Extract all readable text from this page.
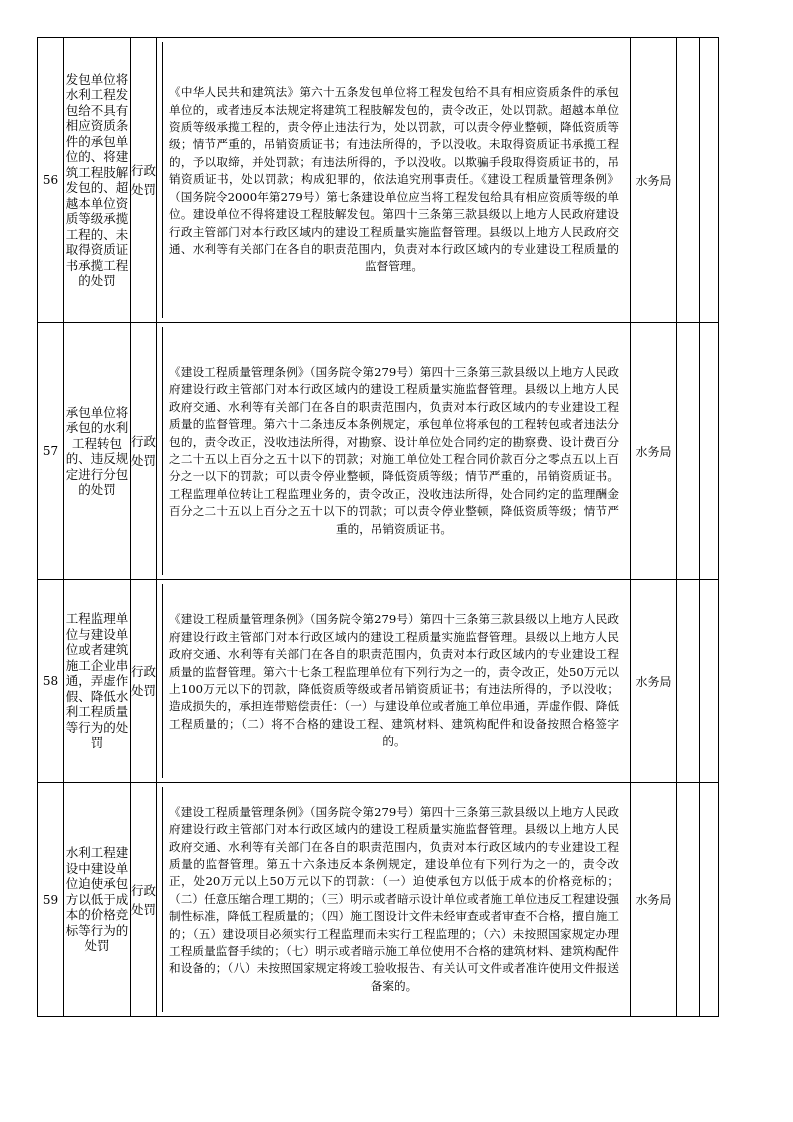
56	发包单位将水利工程发包给不具有相应资质条件的承包单位的、将建筑工程肢解发包的、超越本单位资质等级承揽工程的、未取得资质证书承揽工程的处罚	行政处罚	《中华人民共和建筑法》第六十五条发包单位将工程发包给不具有相应资质条件的承包单位的，或者违反本法规定将建筑工程肢解发包的，责令改正，处以罚款。超越本单位资质等级承揽工程的，责令停止违法行为，处以罚款，可以责令停业整顿，降低资质等级；情节严重的，吊销资质证书；有违法所得的，予以没收。未取得资质证书承揽工程的，予以取缔，并处罚款；有违法所得的，予以没收。以欺骗手段取得资质证书的，吊销资质证书，处以罚款；构成犯罪的，依法追究刑事责任。《建设工程质量管理条例》（国务院令2000年第279号）第七条建设单位应当将工程发包给具有相应资质等级的单位。建设单位不得将建设工程肢解发包。第四十三条第三款县级以上地方人民政府建设行政主管部门对本行政区域内的建设工程质量实施监督管理。县级以上地方人民政府交通、水利等有关部门在各自的职责范围内，负责对本行政区域内的专业建设工程质量的监督管理。	水务局		
57	承包单位将承包的水利工程转包的、违反规定进行分包的处罚	行政处罚	《建设工程质量管理条例》（国务院令第279号）第四十三条第三款县级以上地方人民政府建设行政主管部门对本行政区域内的建设工程质量实施监督管理。县级以上地方人民政府交通、水利等有关部门在各自的职责范围内，负责对本行政区域内的专业建设工程质量的监督管理。第六十二条违反本条例规定，承包单位将承包的工程转包或者违法分包的，责令改正，没收违法所得，对勘察、设计单位处合同约定的勘察费、设计费百分之二十五以上百分之五十以下的罚款；对施工单位处工程合同价款百分之零点五以上百分之一以下的罚款；可以责令停业整顿，降低资质等级；情节严重的，吊销资质证书。工程监理单位转让工程监理业务的，责令改正，没收违法所得，处合同约定的监理酬金百分之二十五以上百分之五十以下的罚款；可以责令停业整顿，降低资质等级；情节严重的，吊销资质证书。	水务局		
58	工程监理单位与建设单位或者建筑施工企业串通，弄虚作假、降低水利工程质量等行为的处罚	行政处罚	《建设工程质量管理条例》（国务院令第279号）第四十三条第三款县级以上地方人民政府建设行政主管部门对本行政区域内的建设工程质量实施监督管理。县级以上地方人民政府交通、水利等有关部门在各自的职责范围内，负责对本行政区域内的专业建设工程质量的监督管理。第六十七条工程监理单位有下列行为之一的，责令改正，处50万元以上100万元以下的罚款，降低资质等级或者吊销资质证书；有违法所得的，予以没收；造成损失的，承担连带赔偿责任：（一）与建设单位或者施工单位串通，弄虚作假、降低工程质量的；（二）将不合格的建设工程、建筑材料、建筑构配件和设备按照合格签字的。	水务局		
59	水利工程建设中建设单位迫使承包方以低于成本的价格竞标等行为的处罚	行政处罚	《建设工程质量管理条例》（国务院令第279号）第四十三条第三款县级以上地方人民政府建设行政主管部门对本行政区域内的建设工程质量实施监督管理。县级以上地方人民政府交通、水利等有关部门在各自的职责范围内，负责对本行政区域内的专业建设工程质量的监督管理。第五十六条违反本条例规定，建设单位有下列行为之一的，责令改正，处20万元以上50万元以下的罚款：（一）迫使承包方以低于成本的价格竞标的；（二）任意压缩合理工期的；（三）明示或者暗示设计单位或者施工单位违反工程建设强制性标准，降低工程质量的；（四）施工图设计文件未经审查或者审查不合格，擅自施工的；（五）建设项目必须实行工程监理而未实行工程监理的；（六）未按照国家规定办理工程质量监督手续的；（七）明示或者暗示施工单位使用不合格的建筑材料、建筑构配件和设备的；（八）未按照国家规定将竣工验收报告、有关认可文件或者准许使用文件报送备案的。	水务局		
